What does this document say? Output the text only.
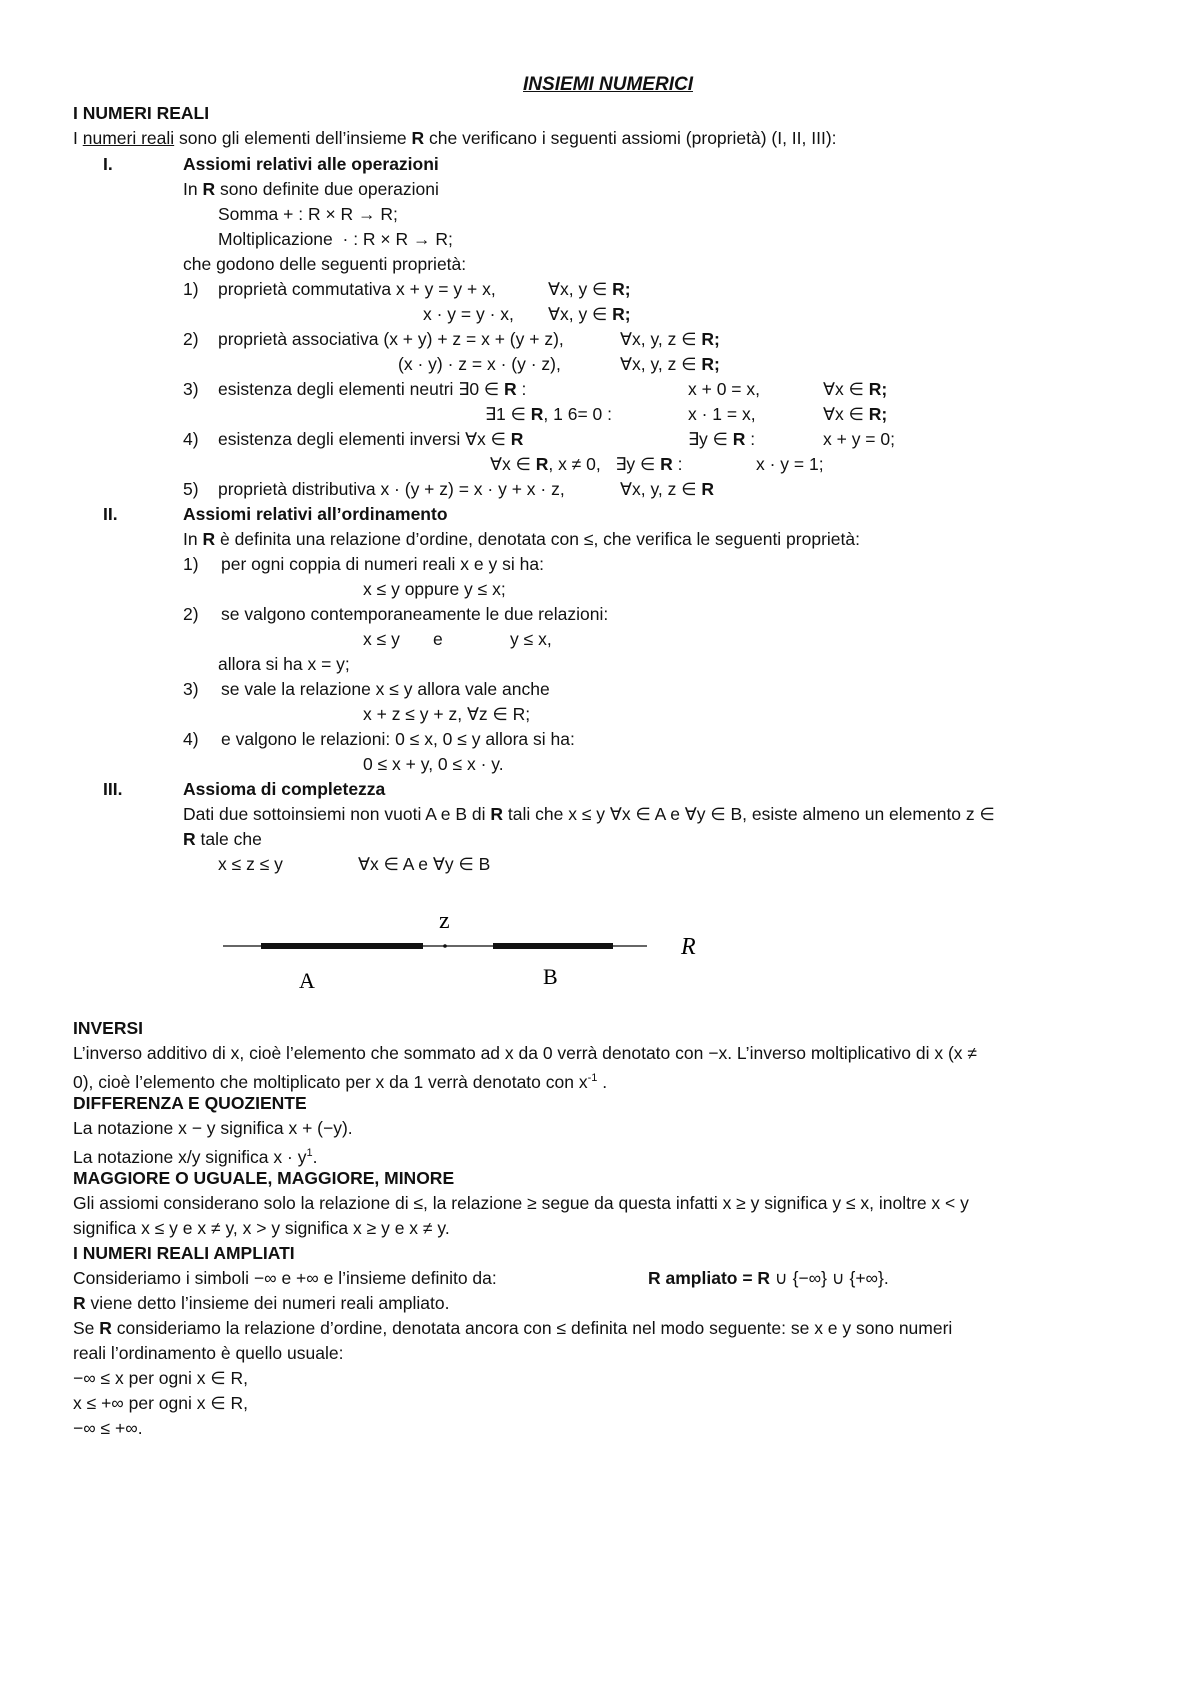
INSIEMI NUMERICI
I NUMERI REALI
I numeri reali sono gli elementi dell’insieme R che verificano i seguenti assiomi (proprietà) (I, II, III):
I.	Assiomi relativi alle operazioni
In R sono definite due operazioni
Somma + : R × R → R;
Moltiplicazione  · : R × R → R;
che godono delle seguenti proprietà:
1) proprietà commutativa x + y = y + x,	∀x, y ∈ R;
x · y = y · x, ∀x, y ∈ R;
2) proprietà associativa (x + y) + z = x + (y + z),	∀x, y, z ∈ R;
(x · y) · z = x · (y · z),	∀x, y, z ∈ R;
3) esistenza degli elementi neutri ∃0 ∈ R :	x + 0 = x,	∀x ∈ R;
∃1 ∈ R, 1 6= 0 :	x · 1 = x,	∀x ∈ R;
4) esistenza degli elementi inversi ∀x ∈ R	∃y ∈ R :	x + y = 0;
∀x ∈ R, x ≠ 0,   ∃y ∈ R :	x · y = 1;
5) proprietà distributiva x · (y + z) = x · y + x · z,	∀x, y, z ∈ R
II.	Assiomi relativi all’ordinamento
In R è definita una relazione d’ordine, denotata con ≤, che verifica le seguenti proprietà:
1) per ogni coppia di numeri reali x e y si ha:
x ≤ y oppure y ≤ x;
2) se valgono contemporaneamente le due relazioni:
x ≤ y e	y ≤ x,
allora si ha x = y;
3) se vale la relazione x ≤ y allora vale anche
x + z ≤ y + z, ∀z ∈ R;
4) e valgono le relazioni: 0 ≤ x, 0 ≤ y allora si ha:
0 ≤ x + y, 0 ≤ x · y.
III.	Assioma di completezza
Dati due sottoinsiemi non vuoti A e B di R tali che x ≤ y ∀x ∈ A e ∀y ∈ B, esiste almeno un elemento z ∈
R tale che
x ≤ z ≤ y	∀x ∈ A e ∀y ∈ B
z
R
A	B
INVERSI
L’inverso additivo di x, cioè l’elemento che sommato ad x da 0 verrà denotato con −x. L’inverso moltiplicativo di x (x ≠
0), cioè l’elemento che moltiplicato per x da 1 verrà denotato con $x^{-1}$ .
DIFFERENZA E QUOZIENTE
La notazione x − y significa x + (−y).
La notazione x/y significa $x \cdot y^1$.
MAGGIORE O UGUALE, MAGGIORE, MINORE
Gli assiomi considerano solo la relazione di ≤, la relazione ≥ segue da questa infatti x ≥ y significa y ≤ x, inoltre x < y
significa x ≤ y e x ≠ y, x > y significa x ≥ y e x ≠ y.
I NUMERI REALI AMPLIATI
Consideriamo i simboli −∞ e +∞ e l’insieme definito da:	R ampliato = R ∪ {−∞} ∪ {+∞}.
R viene detto l’insieme dei numeri reali ampliato.
Se R consideriamo la relazione d’ordine, denotata ancora con ≤ definita nel modo seguente: se x e y sono numeri
reali l’ordinamento è quello usuale:
−∞ ≤ x per ogni x ∈ R,
x ≤ +∞ per ogni x ∈ R,
−∞ ≤ +∞.
